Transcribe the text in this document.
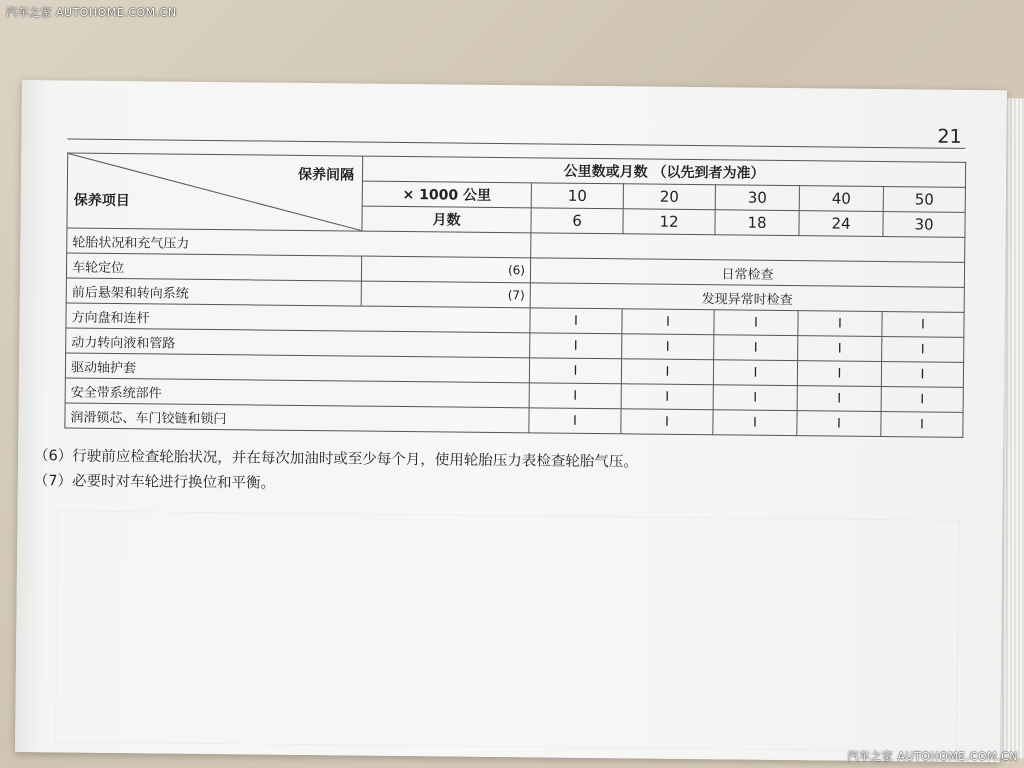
21
保养间隔
保养项目	公里数或月数 （以先到者为准）					
	× 1000 公里	10	20	30	40	50
	月数	6	12	18	24	30
轮胎状况和充气压力						
车轮定位	(6)	日常检查				
前后悬架和转向系统	(7)	发现异常时检查				
方向盘和连杆		I	I	I	I	I
动力转向液和管路		I	I	I	I	I
驱动轴护套		I	I	I	I	I
安全带系统部件		I	I	I	I	I
润滑锁芯、车门铰链和锁闩		I	I	I	I	I
（6）行驶前应检查轮胎状况，并在每次加油时或至少每个月，使用轮胎压力表检查轮胎气压。
（7）必要时对车轮进行换位和平衡。
汽车之家 AUTOHOME.COM.CN
汽车之家 AUTOHOME.COM.CN
